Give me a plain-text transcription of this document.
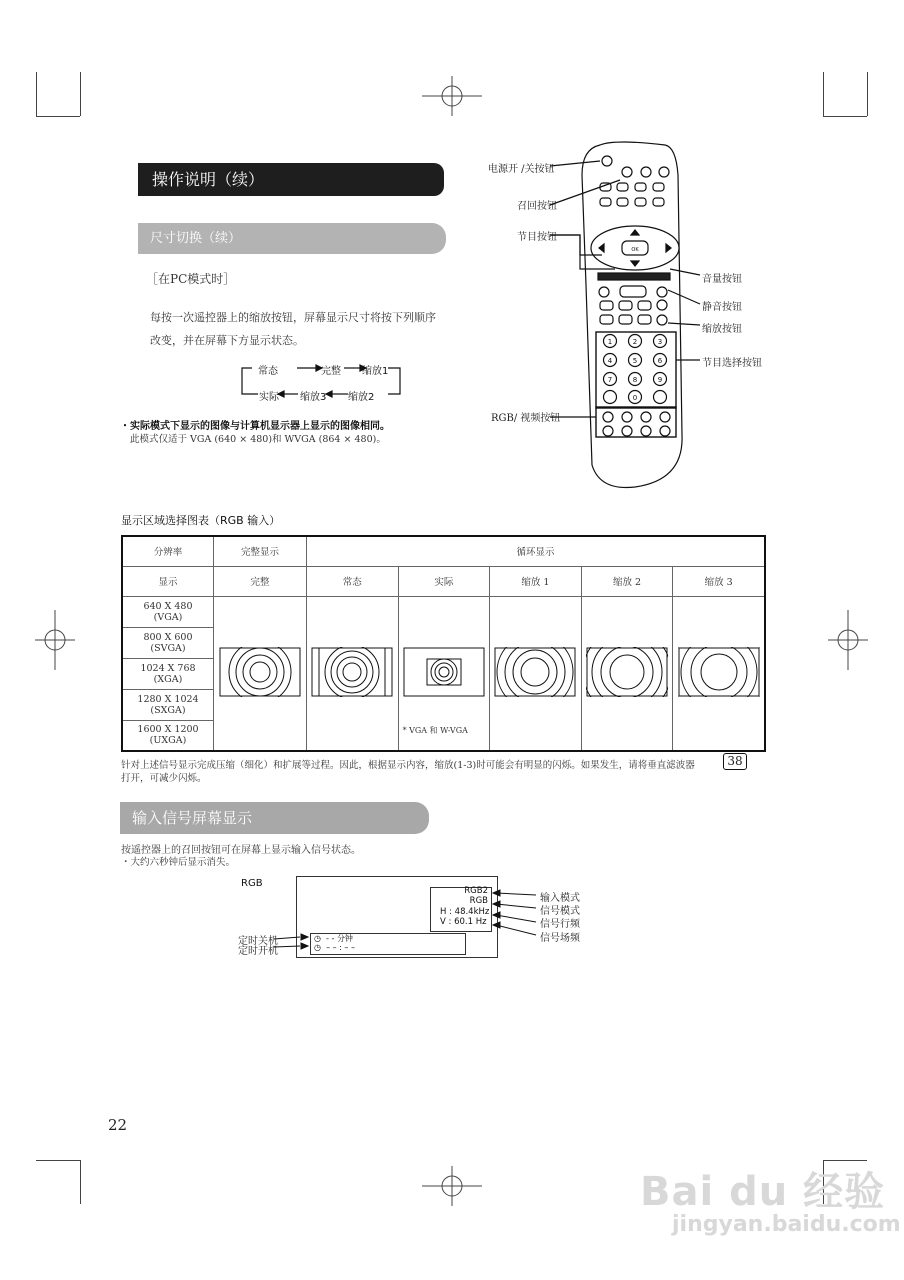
操作说明（续）
尺寸切换（续）
［在PC模式时］
每按一次遥控器上的缩放按钮，屏幕显示尺寸将按下列顺序
改变，并在屏幕下方显示状态。
常态	完整 缩放1
实际 缩放3 缩放2
・实际模式下显示的图像与计算机显示器上显示的图像相同。
此模式仅适于 VGA (640 × 480)和 WVGA (864 × 480)。
1	2	3
4	5	6
7	8	9
0
OK
电源开 /关按钮
召回按钮
节目按钮
音量按钮
静音按钮
缩放按钮
节目选择按钮
RGB/ 视频按钮
显示区域选择图表（RGB 输入）
分辨率	完整显示	循环显示				
显示	完整	常态	实际	缩放 1	缩放 2	缩放 3

640 X 480
(VGA)			* VGA 和 W-VGA

800 X 600
(SVGA)						

1024 X 768
(XGA)						

1280 X 1024
(SXGA)						

1600 X 1200
(UXGA)						
针对上述信号显示完成压缩（细化）和扩展等过程。因此，根据显示内容，缩放(1-3)时可能会有明显的闪烁。如果发生，请将垂直滤波器	38
打开，可减少闪烁。
输入信号屏幕显示
按遥控器上的召回按钮可在屏幕上显示输入信号状态。
・大约六秒钟后显示消失。
RGB
RGB2
RGB
H : 48.4kHz
V : 60.1 Hz
◷ - - 分钟
◷ – – : – –
输入模式
信号模式
信号行频
信号场频
定时关机
定时开机
22
Bai du 经验
jingyan.baidu.com
